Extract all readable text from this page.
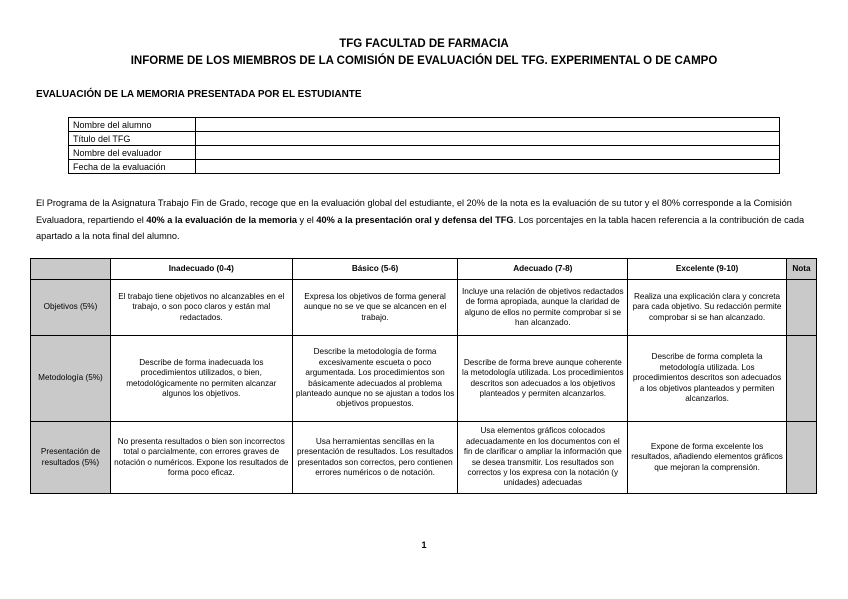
TFG FACULTAD DE FARMACIA
INFORME DE LOS MIEMBROS DE LA COMISIÓN DE EVALUACIÓN DEL TFG. EXPERIMENTAL O DE CAMPO
EVALUACIÓN DE LA MEMORIA PRESENTADA POR EL ESTUDIANTE
Nombre del alumno	
Título del TFG	
Nombre del evaluador	
Fecha de la evaluación	
El Programa de la Asignatura Trabajo Fin de Grado, recoge que en la evaluación global del estudiante, el 20% de la nota es la evaluación de su tutor y el 80% corresponde a la Comisión Evaluadora, repartiendo el 40% a la evaluación de la memoria y el 40% a la presentación oral y defensa del TFG. Los porcentajes en la tabla hacen referencia a la contribución de cada apartado a la nota final del alumno.
	Inadecuado (0-4)	Básico (5-6)	Adecuado (7-8)	Excelente (9-10)	Nota
Objetivos (5%)	El trabajo tiene objetivos no alcanzables en el trabajo, o son poco claros y están mal redactados.	Expresa los objetivos de forma general aunque no se ve que se alcancen en el trabajo.	Incluye una relación de objetivos redactados de forma apropiada, aunque la claridad de alguno de ellos no permite comprobar si se han alcanzado.	Realiza una explicación clara y concreta para cada objetivo. Su redacción permite comprobar si se han alcanzado.	
Metodología (5%)	Describe de forma inadecuada los procedimientos utilizados, o bien, metodológicamente no permiten alcanzar algunos los objetivos.	Describe la metodología de forma excesivamente escueta o poco argumentada. Los procedimientos son básicamente adecuados al problema planteado aunque no se ajustan a todos los objetivos propuestos.	Describe de forma breve aunque coherente la metodología utilizada. Los procedimientos descritos son adecuados a los objetivos planteados y permiten alcanzarlos.	Describe de forma completa la metodología utilizada. Los procedimientos descritos son adecuados a los objetivos planteados y permiten alcanzarlos.	
Presentación de resultados (5%)	No presenta resultados o bien son incorrectos total o parcialmente, con errores graves de notación o numéricos. Expone los resultados de forma poco eficaz.	Usa herramientas sencillas en la presentación de resultados. Los resultados presentados son correctos, pero contienen errores numéricos o de notación.	Usa elementos gráficos colocados adecuadamente en los documentos con el fin de clarificar o ampliar la información que se desea transmitir. Los resultados son correctos y los expresa con la notación (y unidades) adecuadas	Expone de forma excelente los resultados, añadiendo elementos gráficos que mejoran la comprensión.	
1
